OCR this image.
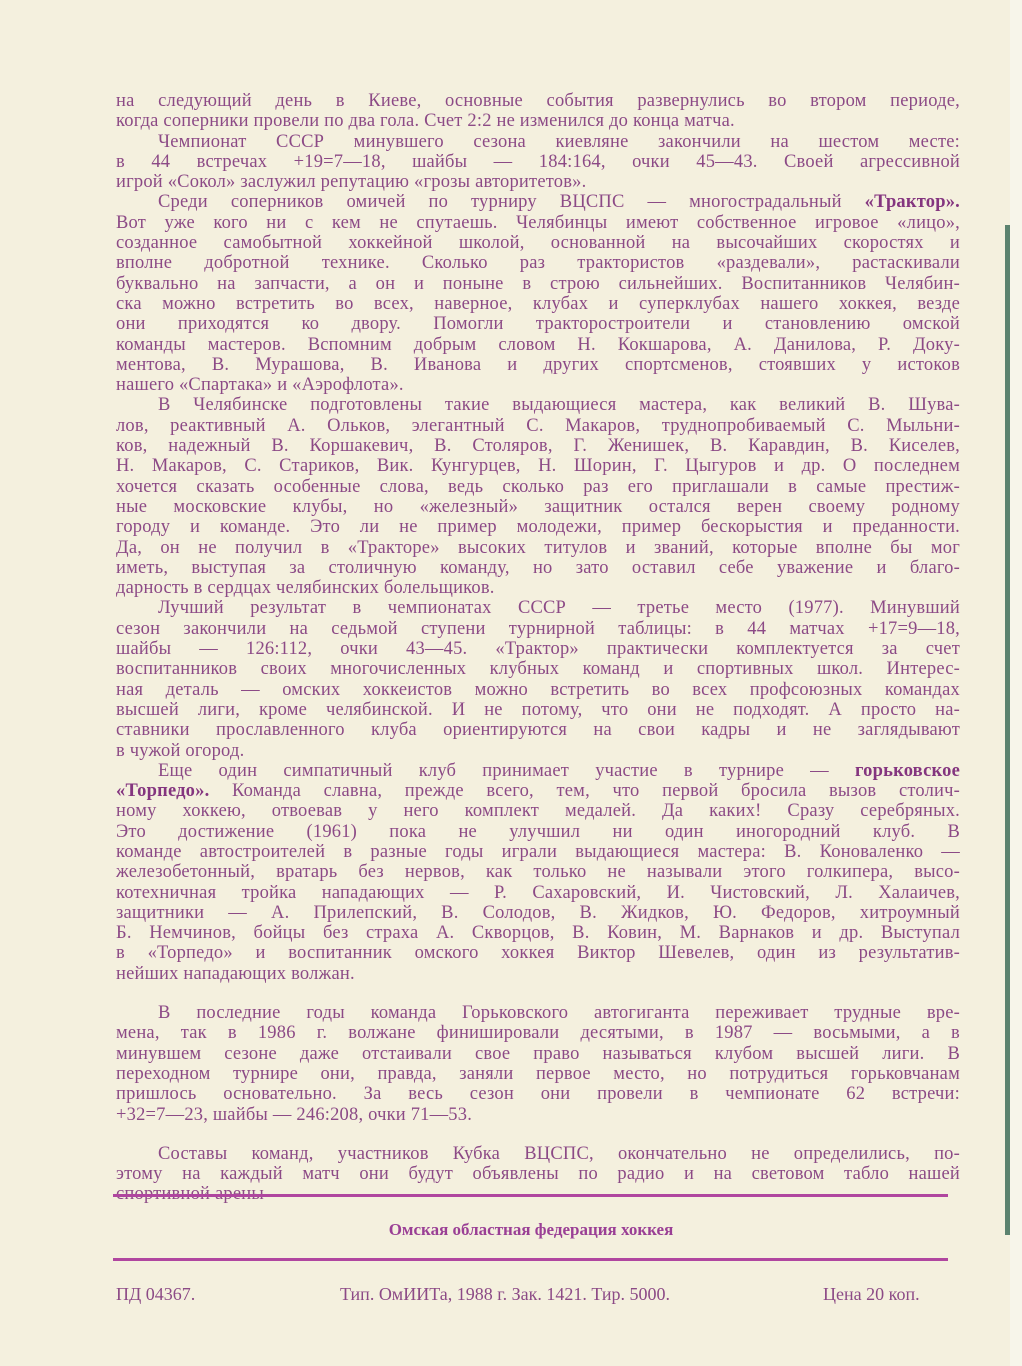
на следующий день в Киеве, основные события развернулись во втором периоде,
когда соперники провели по два гола. Счет 2:2 не изменился до конца матча.
Чемпионат СССР минувшего сезона киевляне закончили на шестом месте:
в 44 встречах +19=7—18, шайбы — 184:164, очки 45—43. Своей агрессивной
игрой «Сокол» заслужил репутацию «грозы авторитетов».
Среди соперников омичей по турниру ВЦСПС — многострадальный «Трактор».
Вот уже кого ни с кем не спутаешь. Челябинцы имеют собственное игровое «лицо»,
созданное самобытной хоккейной школой, основанной на высочайших скоростях и
вполне добротной технике. Сколько раз трактористов «раздевали», растаскивали
буквально на запчасти, а он и поныне в строю сильнейших. Воспитанников Челябин-
ска можно встретить во всех, наверное, клубах и суперклубах нашего хоккея, везде
они приходятся ко двору. Помогли тракторостроители и становлению омской
команды мастеров. Вспомним добрым словом Н. Кокшарова, А. Данилова, Р. Доку-
ментова, В. Мурашова, В. Иванова и других спортсменов, стоявших у истоков
нашего «Спартака» и «Аэрофлота».
В Челябинске подготовлены такие выдающиеся мастера, как великий В. Шува-
лов, реактивный А. Ольков, элегантный С. Макаров, труднопробиваемый С. Мыльни-
ков, надежный В. Коршакевич, В. Столяров, Г. Женишек, В. Каравдин, В. Киселев,
Н. Макаров, С. Стариков, Вик. Кунгурцев, Н. Шорин, Г. Цыгуров и др. О последнем
хочется сказать особенные слова, ведь сколько раз его приглашали в самые престиж-
ные московские клубы, но «железный» защитник остался верен своему родному
городу и команде. Это ли не пример молодежи, пример бескорыстия и преданности.
Да, он не получил в «Тракторе» высоких титулов и званий, которые вполне бы мог
иметь, выступая за столичную команду, но зато оставил себе уважение и благо-
дарность в сердцах челябинских болельщиков.
Лучший результат в чемпионатах СССР — третье место (1977). Минувший
сезон закончили на седьмой ступени турнирной таблицы: в 44 матчах +17=9—18,
шайбы — 126:112, очки 43—45. «Трактор» практически комплектуется за счет
воспитанников своих многочисленных клубных команд и спортивных школ. Интерес-
ная деталь — омских хоккеистов можно встретить во всех профсоюзных командах
высшей лиги, кроме челябинской. И не потому, что они не подходят. А просто на-
ставники прославленного клуба ориентируются на свои кадры и не заглядывают
в чужой огород.
Еще один симпатичный клуб принимает участие в турнире — горьковское
«Торпедо». Команда славна, прежде всего, тем, что первой бросила вызов столич-
ному хоккею, отвоевав у него комплект медалей. Да каких! Сразу серебряных.
Это достижение (1961) пока не улучшил ни один иногородний клуб. В
команде автостроителей в разные годы играли выдающиеся мастера: В. Коноваленко —
железобетонный, вратарь без нервов, как только не называли этого голкипера, высо-
котехничная тройка нападающих — Р. Сахаровский, И. Чистовский, Л. Халаичев,
защитники — А. Прилепский, В. Солодов, В. Жидков, Ю. Федоров, хитроумный
Б. Немчинов, бойцы без страха А. Скворцов, В. Ковин, М. Варнаков и др. Выступал
в «Торпедо» и воспитанник омского хоккея Виктор Шевелев, один из результатив-
нейших нападающих волжан.
В последние годы команда Горьковского автогиганта переживает трудные вре-
мена, так в 1986 г. волжане финишировали десятыми, в 1987 — восьмыми, а в
минувшем сезоне даже отстаивали свое право называться клубом высшей лиги. В
переходном турнире они, правда, заняли первое место, но потрудиться горьковчанам
пришлось основательно. За весь сезон они провели в чемпионате 62 встречи:
+32=7—23, шайбы — 246:208, очки 71—53.
Составы команд, участников Кубка ВЦСПС, окончательно не определились, по-
этому на каждый матч они будут объявлены по радио и на световом табло нашей
Омская областная федерация хоккея
ПД 04367.	Тип. ОмИИТа, 1988 г. Зак. 1421. Тир. 5000.	Цена 20 коп.
